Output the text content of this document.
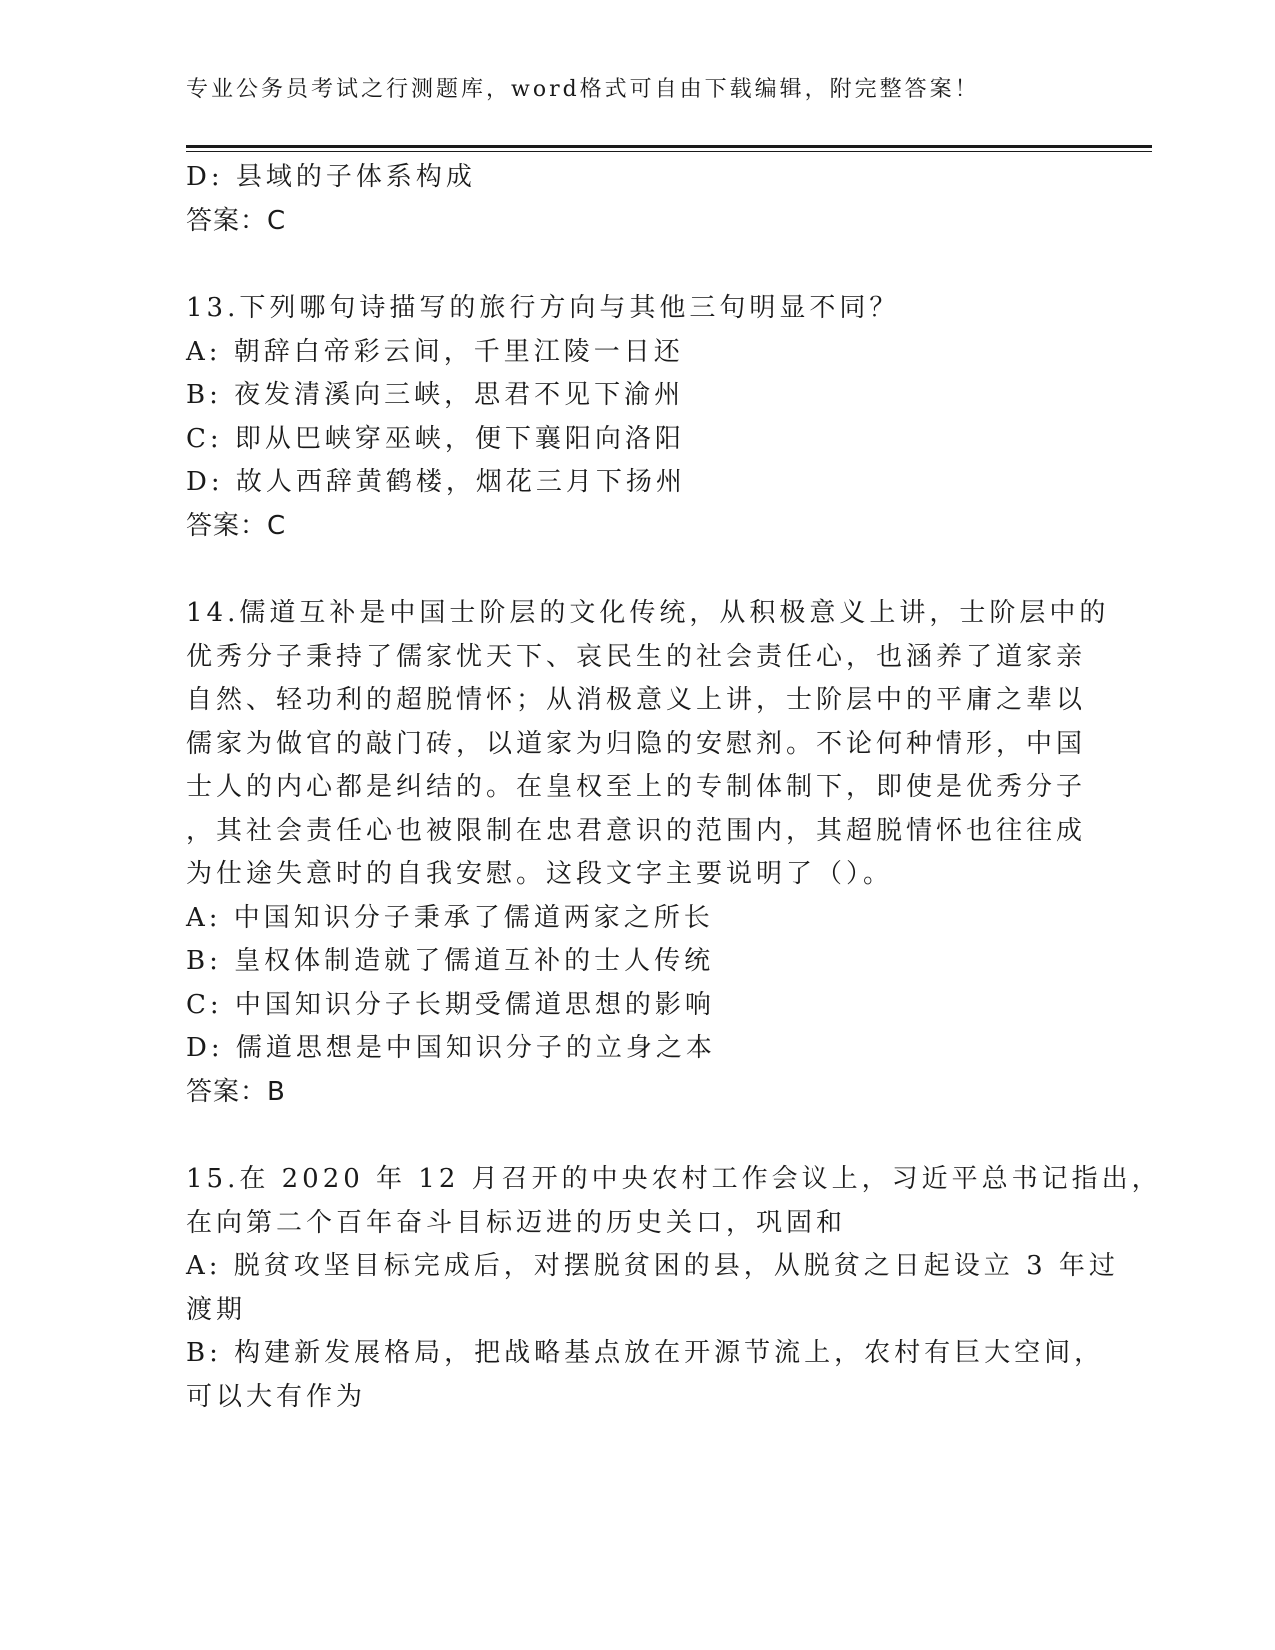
专业公务员考试之行测题库，word格式可自由下载编辑，附完整答案！
D: 县域的子体系构成
答案：C
13.下列哪句诗描写的旅行方向与其他三句明显不同？
A: 朝辞白帝彩云间，千里江陵一日还
B: 夜发清溪向三峡，思君不见下渝州
C: 即从巴峡穿巫峡，便下襄阳向洛阳
D: 故人西辞黄鹤楼，烟花三月下扬州
答案：C
14.儒道互补是中国士阶层的文化传统，从积极意义上讲，士阶层中的
优秀分子秉持了儒家忧天下、哀民生的社会责任心，也涵养了道家亲
自然、轻功利的超脱情怀；从消极意义上讲，士阶层中的平庸之辈以
儒家为做官的敲门砖，以道家为归隐的安慰剂。不论何种情形，中国
士人的内心都是纠结的。在皇权至上的专制体制下，即使是优秀分子
，其社会责任心也被限制在忠君意识的范围内，其超脱情怀也往往成
为仕途失意时的自我安慰。这段文字主要说明了（）。
A: 中国知识分子秉承了儒道两家之所长
B: 皇权体制造就了儒道互补的士人传统
C: 中国知识分子长期受儒道思想的影响
D: 儒道思想是中国知识分子的立身之本
答案：B
15.在 2020 年 12 月召开的中央农村工作会议上，习近平总书记指出，
在向第二个百年奋斗目标迈进的历史关口，巩固和
A: 脱贫攻坚目标完成后，对摆脱贫困的县，从脱贫之日起设立 3 年过
渡期
B: 构建新发展格局，把战略基点放在开源节流上，农村有巨大空间，
可以大有作为
